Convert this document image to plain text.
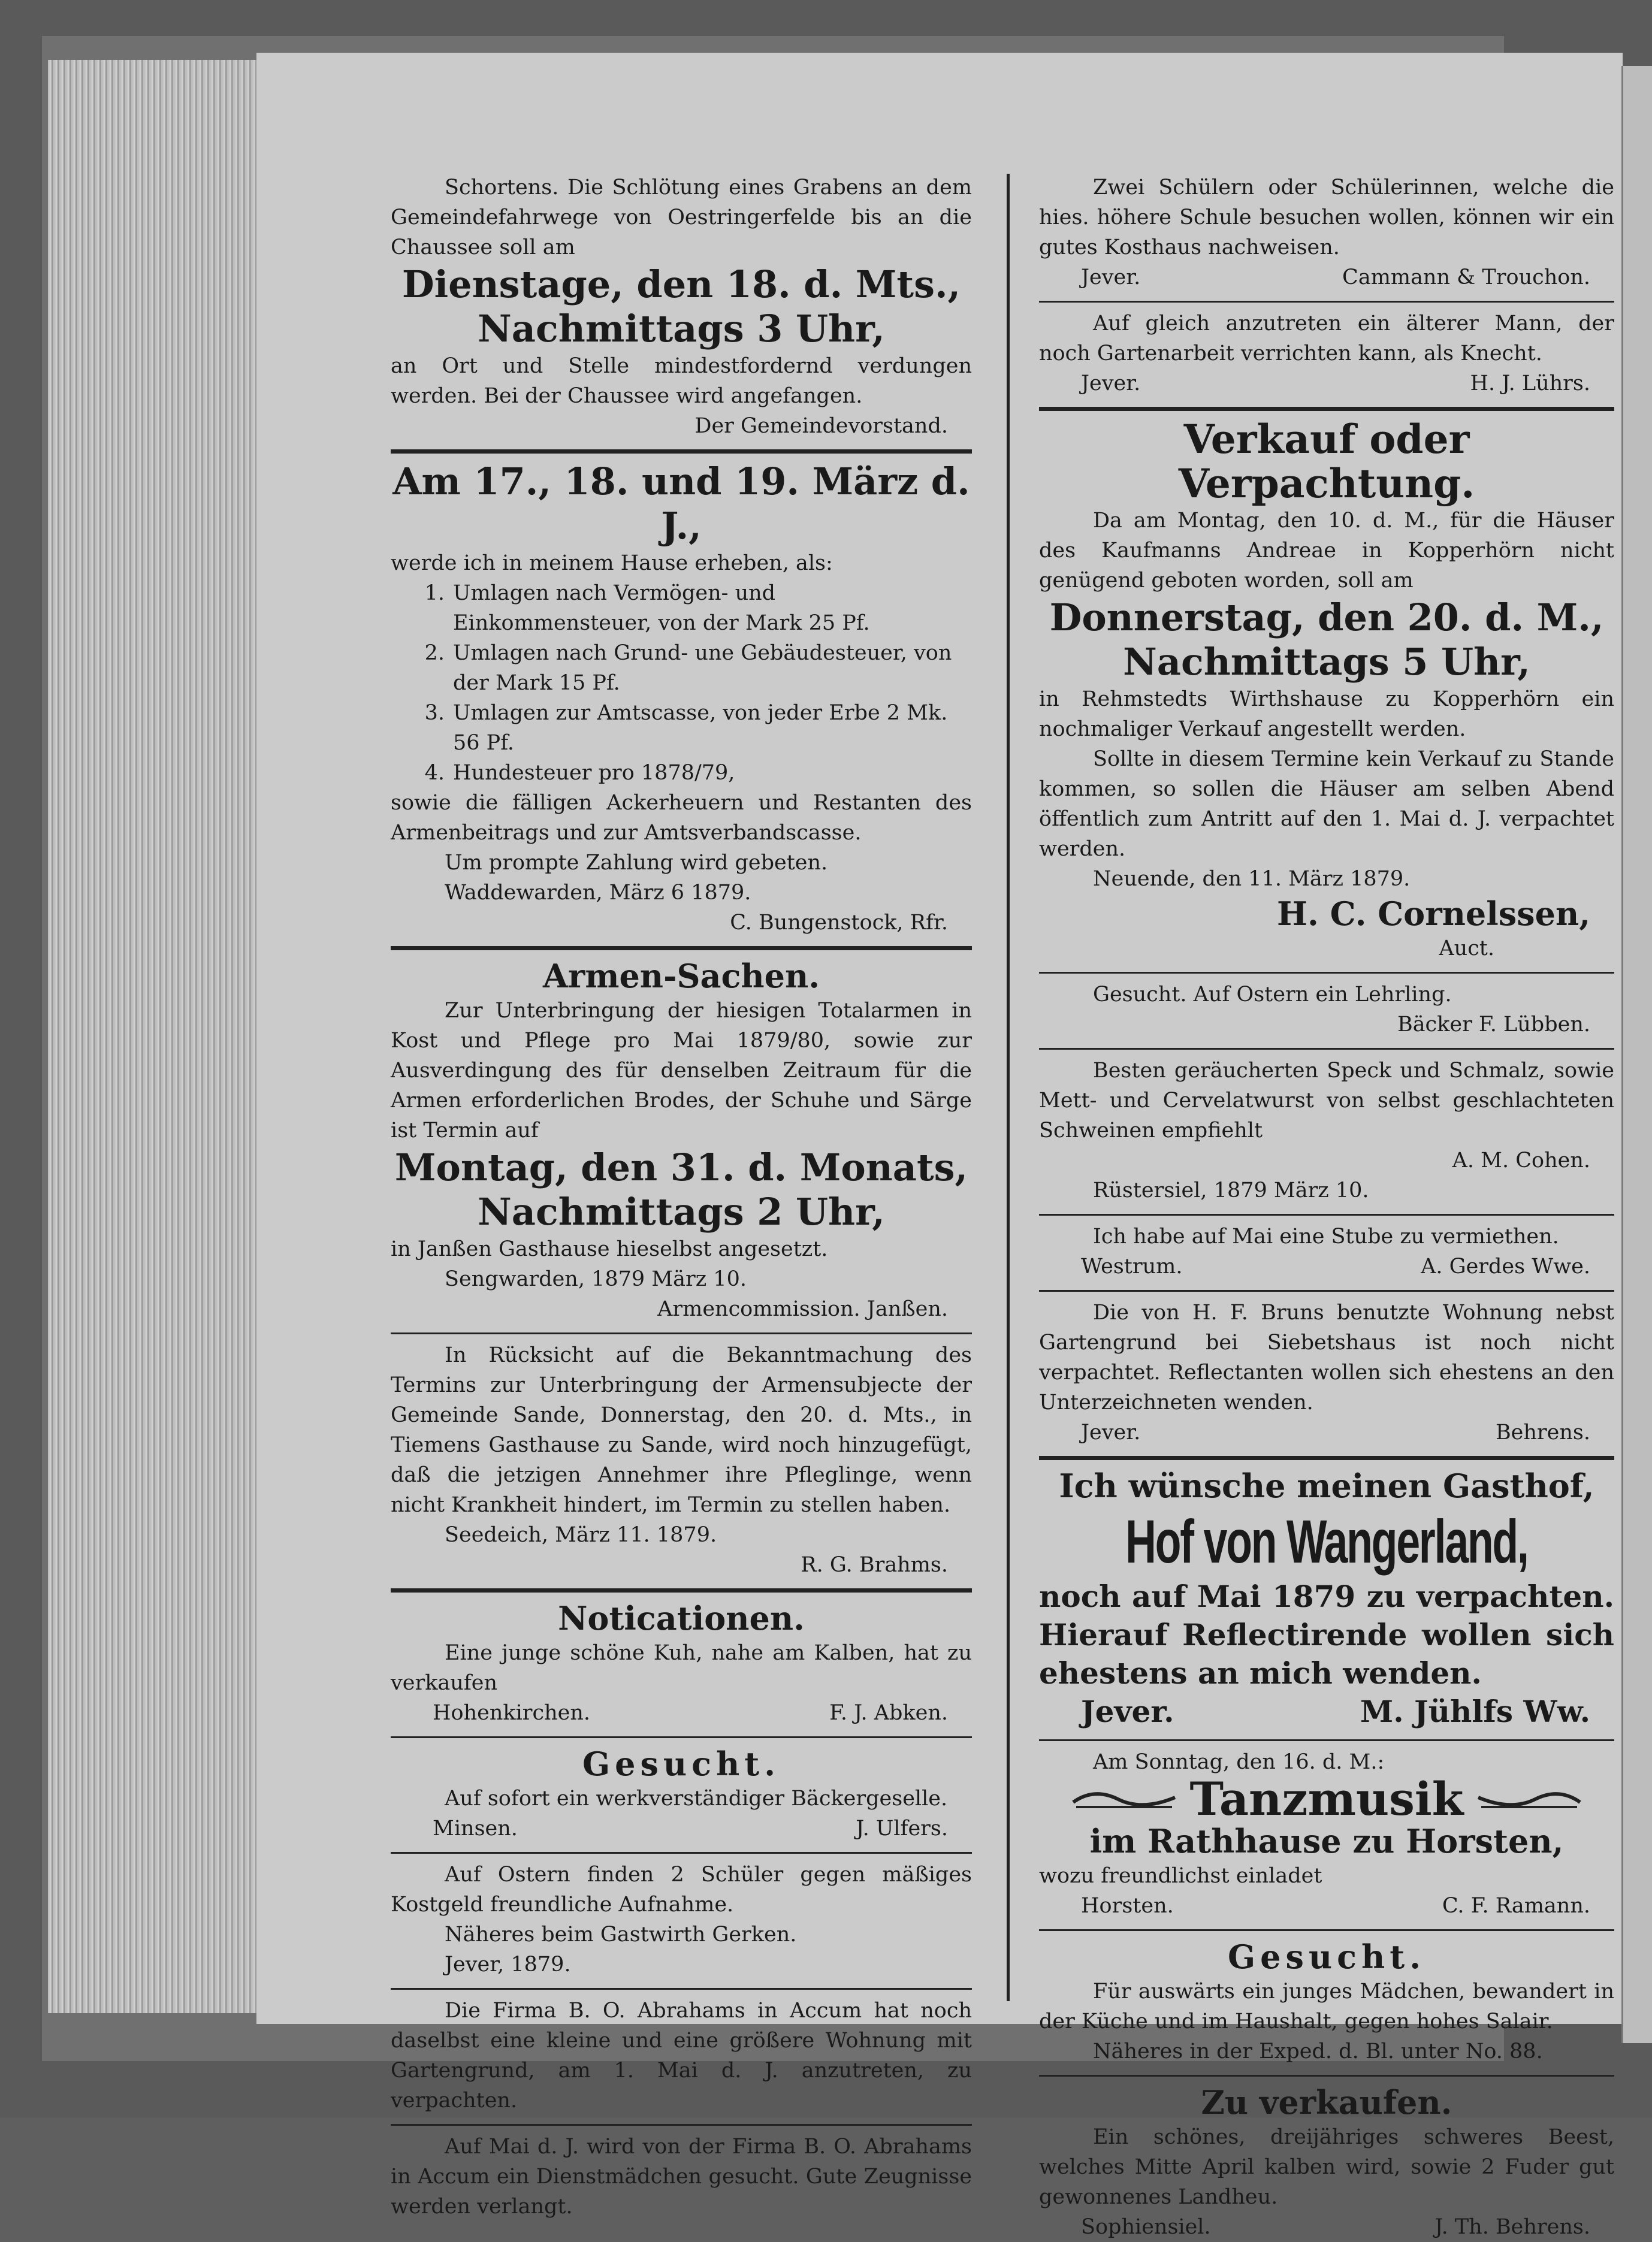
Schortens. Die Schlötung eines Grabens an dem Gemeindefahrwege von Oestringerfelde bis an die Chaussee soll am

Dienstage, den 18. d. Mts.,
Nachmittags 3 Uhr,

an Ort und Stelle mindestfordernd verdungen werden. Bei der Chaussee wird angefangen.

Der Gemeindevorstand.
Am 17., 18. und 19. März d. J.,

werde ich in meinem Hause erheben, als:

1. Umlagen nach Vermögen- und Einkommensteuer, von der Mark 25 Pf.
2. Umlagen nach Grund- une Gebäudesteuer, von der Mark 15 Pf.
3. Umlagen zur Amtscasse, von jeder Erbe 2 Mk. 56 Pf.
4. Hundesteuer pro 1878/79,

sowie die fälligen Ackerheuern und Restanten des Armenbeitrags und zur Amtsverbandscasse.

Um prompte Zahlung wird gebeten.

Waddewarden, März 6 1879.

C. Bungenstock, Rfr.
Armen-Sachen.

Zur Unterbringung der hiesigen Totalarmen in Kost und Pflege pro Mai 1879/80, sowie zur Ausverdingung des für denselben Zeitraum für die Armen erforderlichen Brodes, der Schuhe und Särge ist Termin auf

Montag, den 31. d. Monats,
Nachmittags 2 Uhr,

in Janßen Gasthause hieselbst angesetzt.

Sengwarden, 1879 März 10.

Armencommission. Janßen.

In Rücksicht auf die Bekanntmachung des Termins zur Unterbringung der Armensubjecte der Gemeinde Sande, Donnerstag, den 20. d. Mts., in Tiemens Gasthause zu Sande, wird noch hinzugefügt, daß die jetzigen Annehmer ihre Pfleglinge, wenn nicht Krankheit hindert, im Termin zu stellen haben.

Seedeich, März 11. 1879.

R. G. Brahms.
Noticationen.

Eine junge schöne Kuh, nahe am Kalben, hat zu verkaufen

Hohenkirchen.	F. J. Abken.
Gesucht.

Auf sofort ein werkverständiger Bäckergeselle.

Minsen.	J. Ulfers.

Auf Ostern finden 2 Schüler gegen mäßiges Kostgeld freundliche Aufnahme.

Näheres beim Gastwirth Gerken.

Jever, 1879.

Die Firma B. O. Abrahams in Accum hat noch daselbst eine kleine und eine größere Wohnung mit Gartengrund, am 1. Mai d. J. anzutreten, zu verpachten.

Auf Mai d. J. wird von der Firma B. O. Abrahams in Accum ein Dienstmädchen gesucht. Gute Zeugnisse werden verlangt.

Zwei Schülern oder Schülerinnen, welche die hies. höhere Schule besuchen wollen, können wir ein gutes Kosthaus nachweisen.

Jever.	Cammann & Trouchon.

Auf gleich anzutreten ein älterer Mann, der noch Gartenarbeit verrichten kann, als Knecht.

Jever.	H. J. Lührs.
Verkauf oder Verpachtung.

Da am Montag, den 10. d. M., für die Häuser des Kaufmanns Andreae in Kopperhörn nicht genügend geboten worden, soll am

Donnerstag, den 20. d. M.,
Nachmittags 5 Uhr,

in Rehmstedts Wirthshause zu Kopperhörn ein nochmaliger Verkauf angestellt werden.

Sollte in diesem Termine kein Verkauf zu Stande kommen, so sollen die Häuser am selben Abend öffentlich zum Antritt auf den 1. Mai d. J. verpachtet werden.

Neuende, den 11. März 1879.

H. C. Cornelssen,
Auct.

Gesucht. Auf Ostern ein Lehrling.

Bäcker F. Lübben.

Besten geräucherten Speck und Schmalz, sowie Mett- und Cervelatwurst von selbst geschlachteten Schweinen empfiehlt

A. M. Cohen.

Rüstersiel, 1879 März 10.

Ich habe auf Mai eine Stube zu vermiethen.

Westrum.	A. Gerdes Wwe.

Die von H. F. Bruns benutzte Wohnung nebst Gartengrund bei Siebetshaus ist noch nicht verpachtet. Reflectanten wollen sich ehestens an den Unterzeichneten wenden.

Jever.	Behrens.
Ich wünsche meinen Gasthof,
Hof von Wangerland,

noch auf Mai 1879 zu verpachten. Hierauf Reflectirende wollen sich ehestens an mich wenden.

Jever.	M. Jühlfs Ww.

Am Sonntag, den 16. d. M.:

Tanzmusik
im Rathhause zu Horsten,

wozu freundlichst einladet

Horsten.	C. F. Ramann.
Gesucht.

Für auswärts ein junges Mädchen, bewandert in der Küche und im Haushalt, gegen hohes Salair.

Näheres in der Exped. d. Bl. unter No. 88.

Zu verkaufen.

Ein schönes, dreijähriges schweres Beest, welches Mitte April kalben wird, sowie 2 Fuder gut gewonnenes Landheu.

Sophiensiel.	J. Th. Behrens.
